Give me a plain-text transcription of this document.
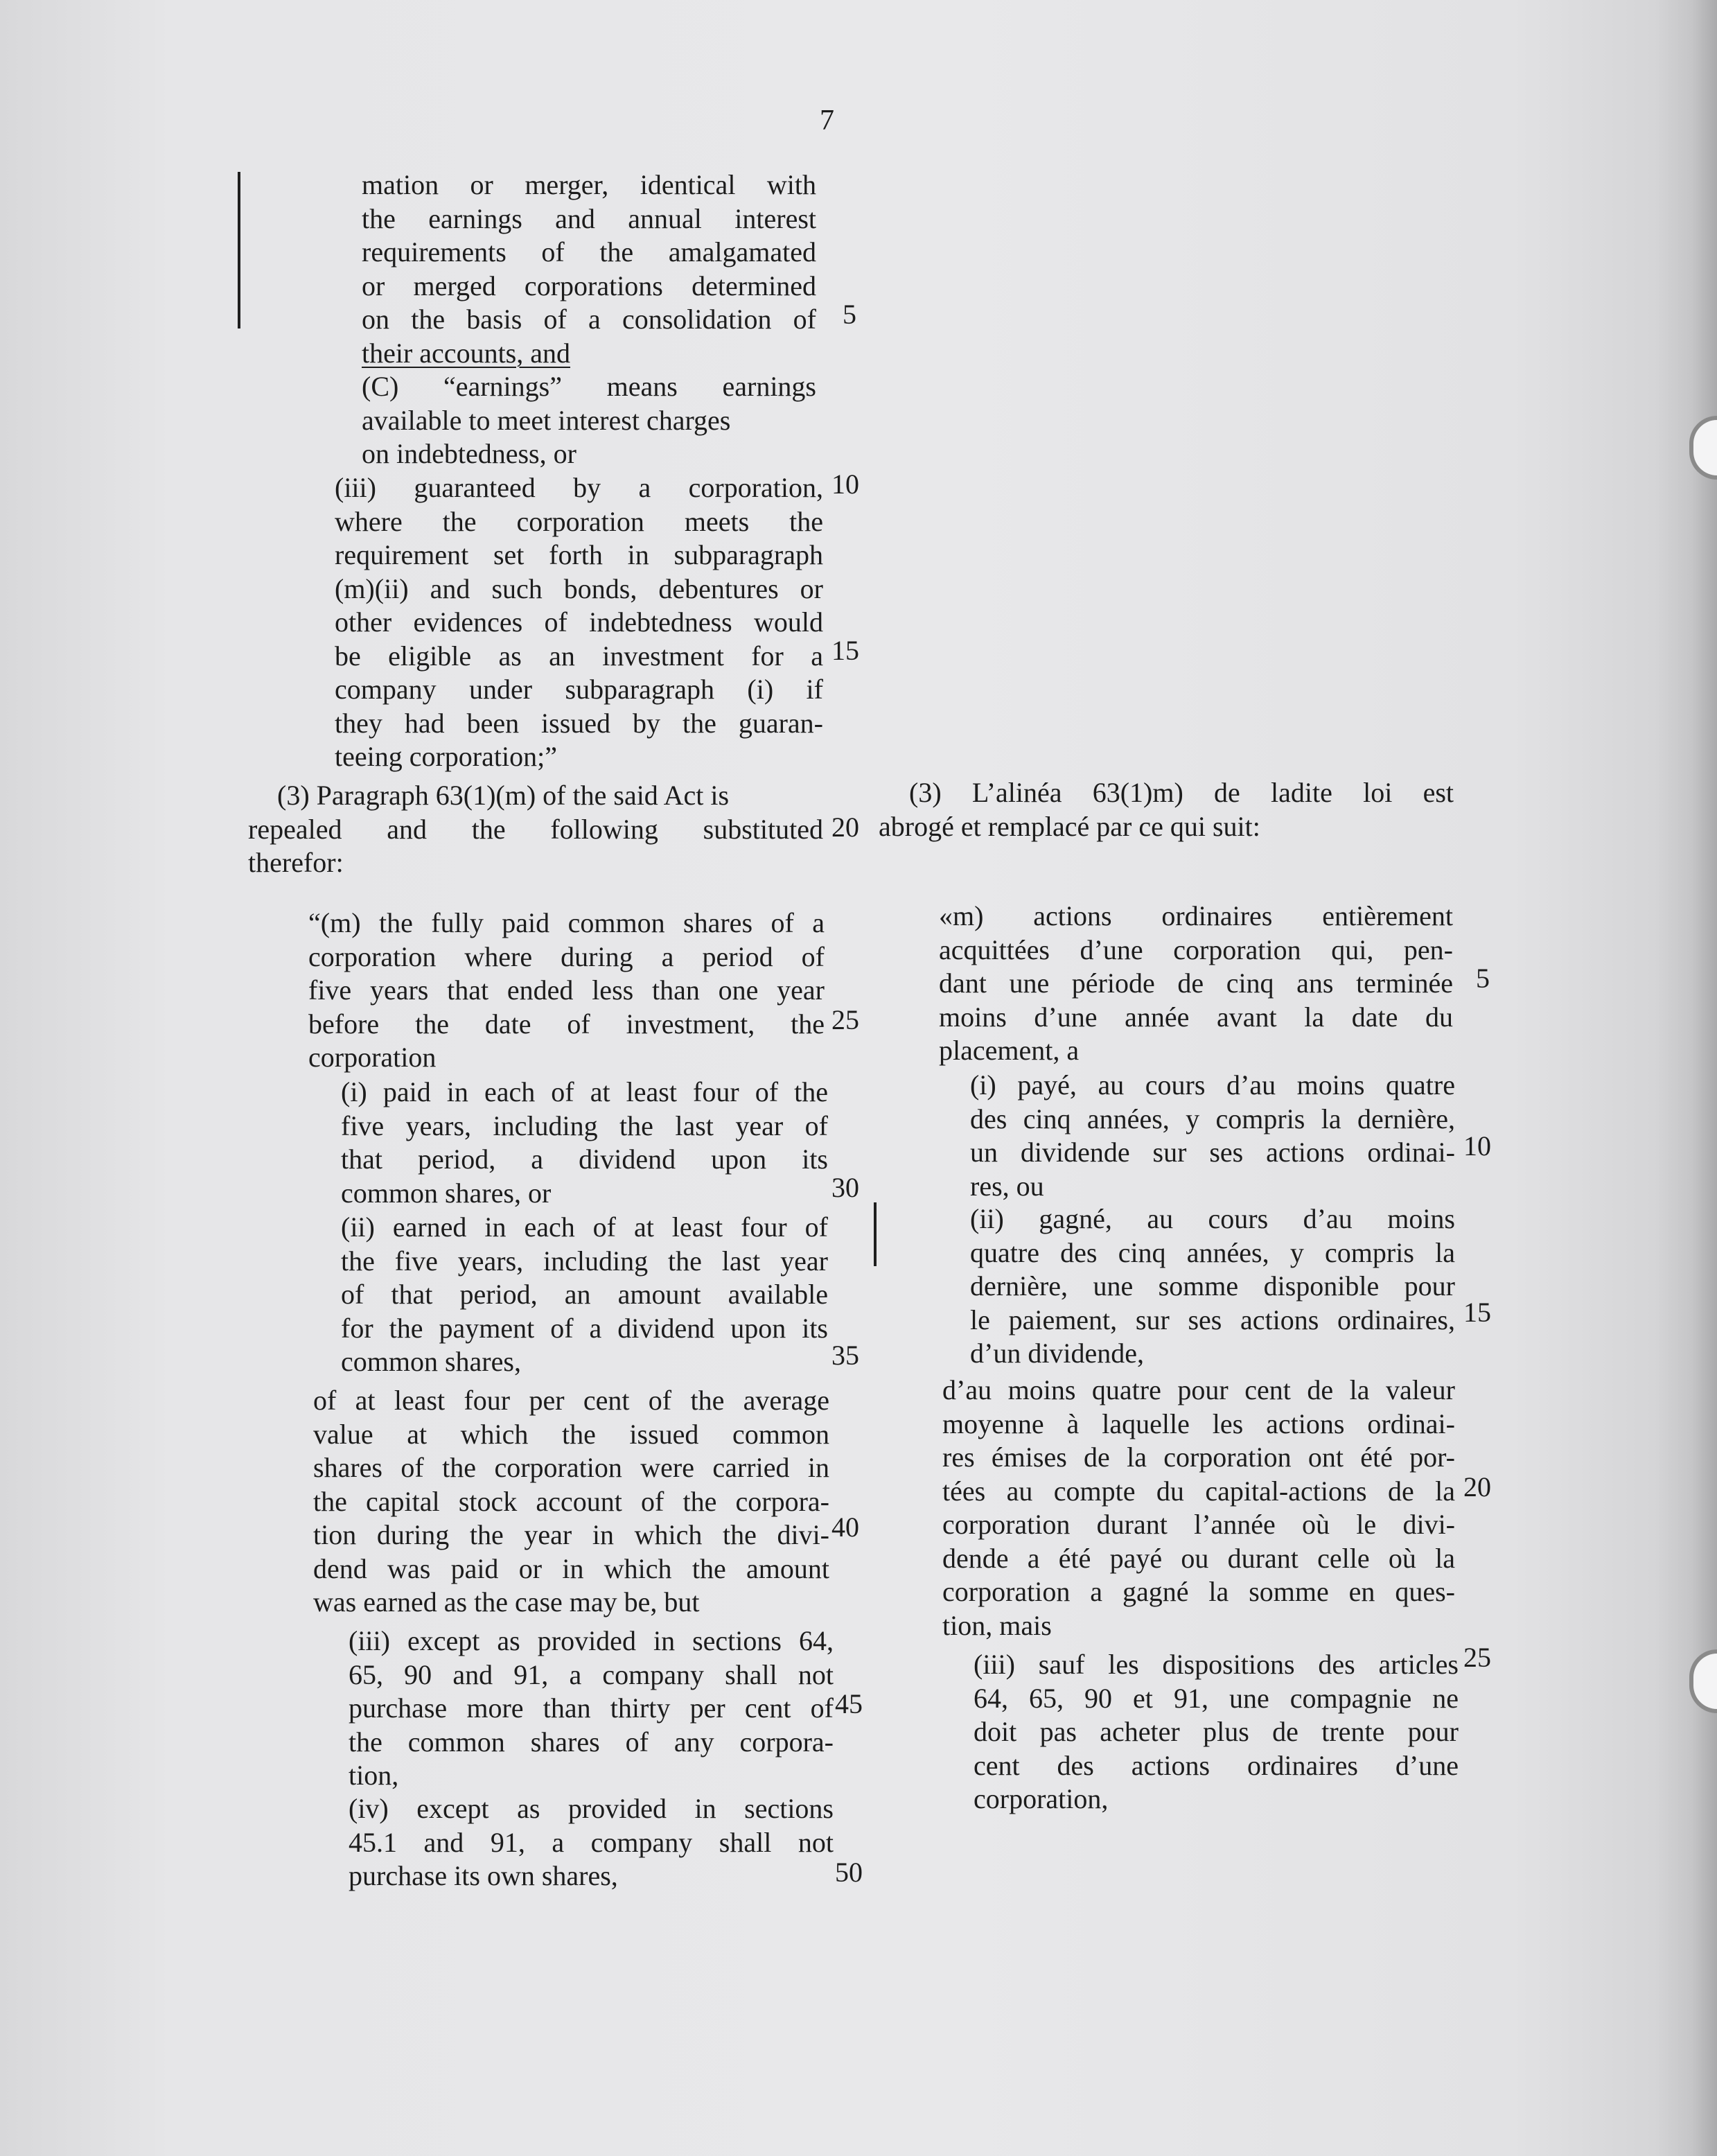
7
mation or merger, identical with
the earnings and annual interest
requirements of the amalgamated
or merged corporations determined
on the basis of a consolidation of
their accounts, and
(C) “earnings” means earnings
available to meet interest charges
on indebtedness, or
(iii) guaranteed by a corporation,
where the corporation meets the
requirement set forth in subparagraph
(m)(ii) and such bonds, debentures or
other evidences of indebtedness would
be eligible as an investment for a
company under subparagraph (i) if
they had been issued by the guaran-
teeing corporation;”
(3) Paragraph 63(1)(m) of the said Act is
repealed and the following substituted
therefor:
“(m) the fully paid common shares of a
corporation where during a period of
five years that ended less than one year
before the date of investment, the
corporation
(i) paid in each of at least four of the
five years, including the last year of
that period, a dividend upon its
common shares, or
(ii) earned in each of at least four of
the five years, including the last year
of that period, an amount available
for the payment of a dividend upon its
common shares,
of at least four per cent of the average
value at which the issued common
shares of the corporation were carried in
the capital stock account of the corpora-
tion during the year in which the divi-
dend was paid or in which the amount
was earned as the case may be, but
(iii) except as provided in sections 64,
65, 90 and 91, a company shall not
purchase more than thirty per cent of
the common shares of any corpora-
tion,
(iv) except as provided in sections
45.1 and 91, a company shall not
purchase its own shares,
5
10
15
20
25
30
35
40
45
50
(3) L’alinéa 63(1)m) de ladite loi est
abrogé et remplacé par ce qui suit:
«m) actions ordinaires entièrement
acquittées d’une corporation qui, pen-
dant une période de cinq ans terminée
moins d’une année avant la date du
placement, a
(i) payé, au cours d’au moins quatre
des cinq années, y compris la dernière,
un dividende sur ses actions ordinai-
res, ou
(ii) gagné, au cours d’au moins
quatre des cinq années, y compris la
dernière, une somme disponible pour
le paiement, sur ses actions ordinaires,
d’un dividende,
d’au moins quatre pour cent de la valeur
moyenne à laquelle les actions ordinai-
res émises de la corporation ont été por-
tées au compte du capital-actions de la
corporation durant l’année où le divi-
dende a été payé ou durant celle où la
corporation a gagné la somme en ques-
tion, mais
(iii) sauf les dispositions des articles
64, 65, 90 et 91, une compagnie ne
doit pas acheter plus de trente pour
cent des actions ordinaires d’une
corporation,
5
10
15
20
25
